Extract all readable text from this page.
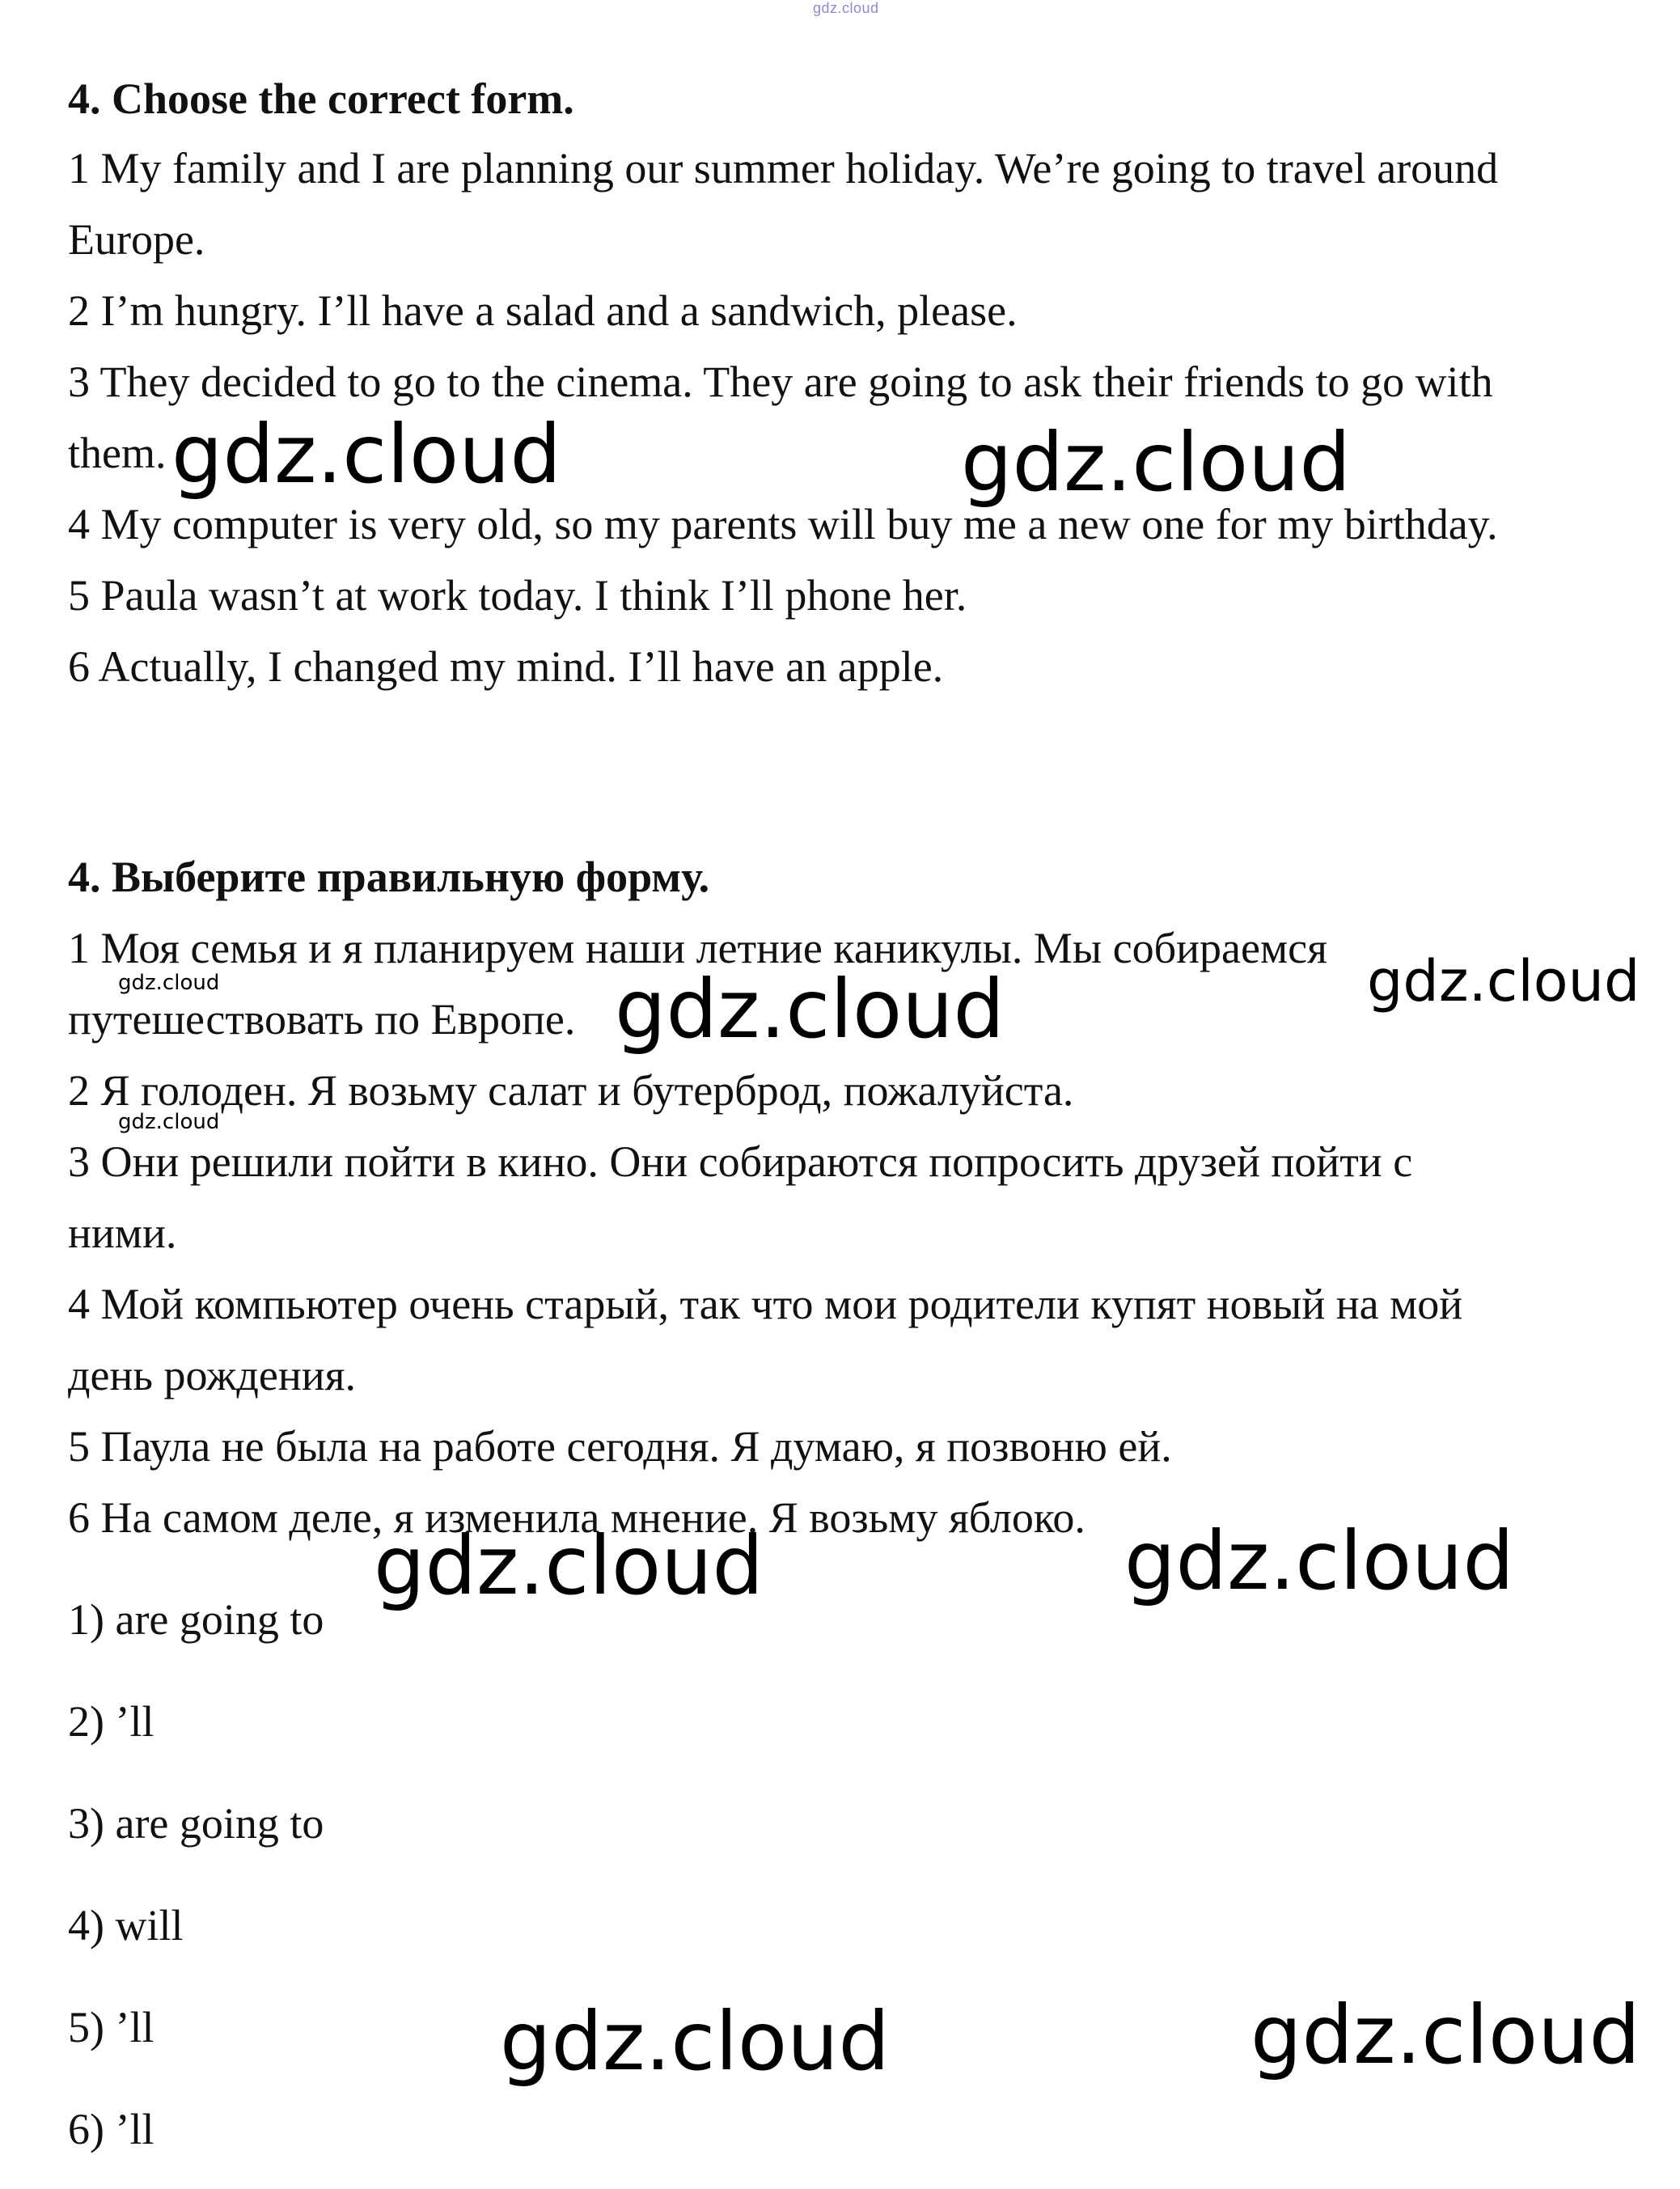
gdz.cloud
4. Choose the correct form.
1 My family and I are planning our summer holiday. We’re going to travel around
Europe.
2 I’m hungry. I’ll have a salad and a sandwich, please.
3 They decided to go to the cinema. They are going to ask their friends to go with
them.
4 My computer is very old, so my parents will buy me a new one for my birthday.
5 Paula wasn’t at work today. I think I’ll phone her.
6 Actually, I changed my mind. I’ll have an apple.
4. Выберите правильную форму.
1 Моя семья и я планируем наши летние каникулы. Мы собираемся
путешествовать по Европе.
2 Я голоден. Я возьму салат и бутерброд, пожалуйста.
3 Они решили пойти в кино. Они собираются попросить друзей пойти с
ними.
4 Мой компьютер очень старый, так что мои родители купят новый на мой
день рождения.
5 Паула не была на работе сегодня. Я думаю, я позвоню ей.
6 На самом деле, я изменила мнение. Я возьму яблоко.
1) are going to
2) ’ll
3) are going to
4) will
5) ’ll
6) ’ll
gdz.cloud	gdz.cloud
gdz.cloud	gdz.cloud
gdz.cloud
gdz.cloud
gdz.cloud	gdz.cloud
gdz.cloud	gdz.cloud
